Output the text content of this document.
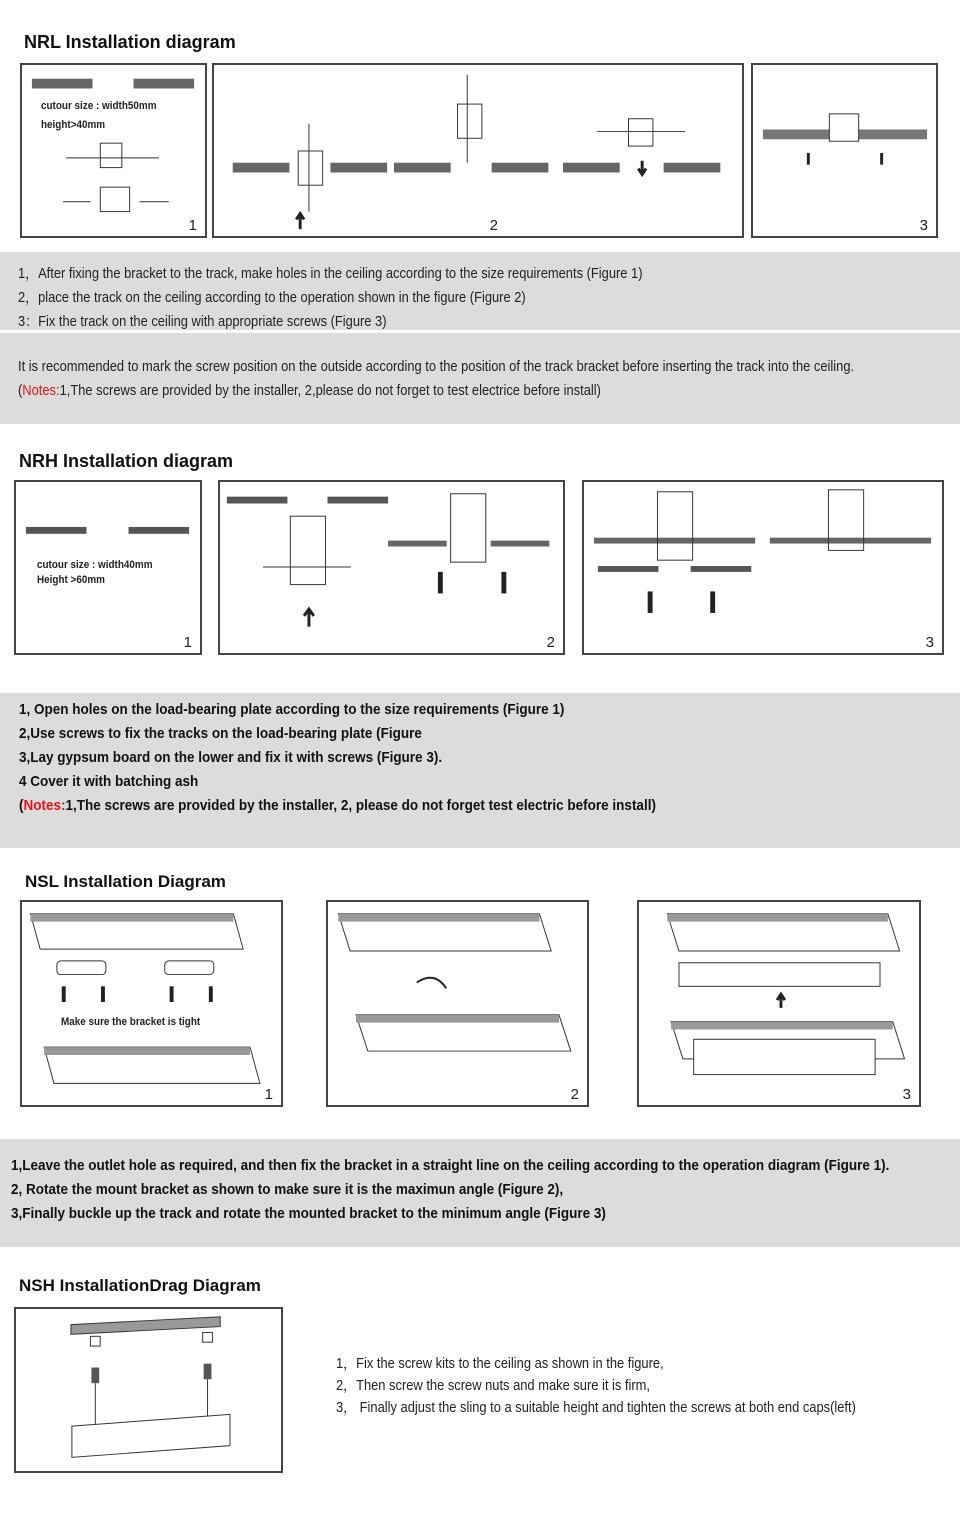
NRL Installation diagram
cutour size : width50mm
height>40mm
1	2	3
1，After fixing the bracket to the track, make holes in the ceiling according to the size requirements (Figure 1)
2，place the track on the ceiling according to the operation shown in the figure (Figure 2)
3：Fix the track on the ceiling with appropriate screws (Figure 3)
It is recommended to mark the screw position on the outside according to the position of the track bracket before inserting the track into the ceiling.
(Notes:1,The screws are provided by the installer, 2,please do not forget to test electrice before install)
NRH Installation diagram
cutour size : width40mm
Height >60mm
1	2	3
1, Open holes on the load-bearing plate according to the size requirements (Figure 1)
2,Use screws to fix the tracks on the load-bearing plate (Figure
3,Lay gypsum board on the lower and fix it with screws (Figure 3).
4 Cover it with batching ash
(Notes:1,The screws are provided by the installer, 2, please do not forget test electric before install)
NSL Installation Diagram
Make sure the bracket is tight
1	2	3
1,Leave the outlet hole as required, and then fix the bracket in a straight line on the ceiling according to the operation diagram (Figure 1).
2, Rotate the mount bracket as shown to make sure it is the maximun angle (Figure 2),
3,Finally buckle up the track and rotate the mounted bracket to the minimum angle (Figure 3)
NSH InstallationDrag Diagram
1，Fix the screw kits to the ceiling as shown in the figure,
2，Then screw the screw nuts and make sure it is firm,
3， Finally adjust the sling to a suitable height and tighten the screws at both end caps(left)
